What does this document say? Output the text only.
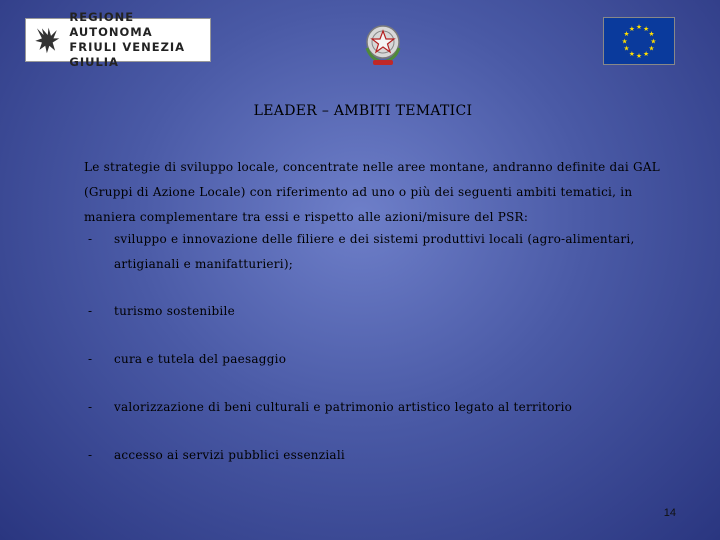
REGIONE AUTONOMA
FRIULI VENEZIA GIULIA
★ ★
★
★
★
★
★
★
★
★
★
★
LEADER – AMBITI TEMATICI
Le strategie di sviluppo locale, concentrate nelle aree montane, andranno definite dai GAL (Gruppi di Azione Locale) con riferimento ad uno o più dei seguenti ambiti tematici, in maniera complementare tra essi e rispetto alle azioni/misure del PSR:
- sviluppo e innovazione delle filiere e dei sistemi produttivi locali (agro-alimentari, artigianali e manifatturieri);
- turismo sostenibile
- cura e tutela del paesaggio
- valorizzazione di beni culturali e patrimonio artistico legato al territorio
- accesso ai servizi pubblici essenziali
14
